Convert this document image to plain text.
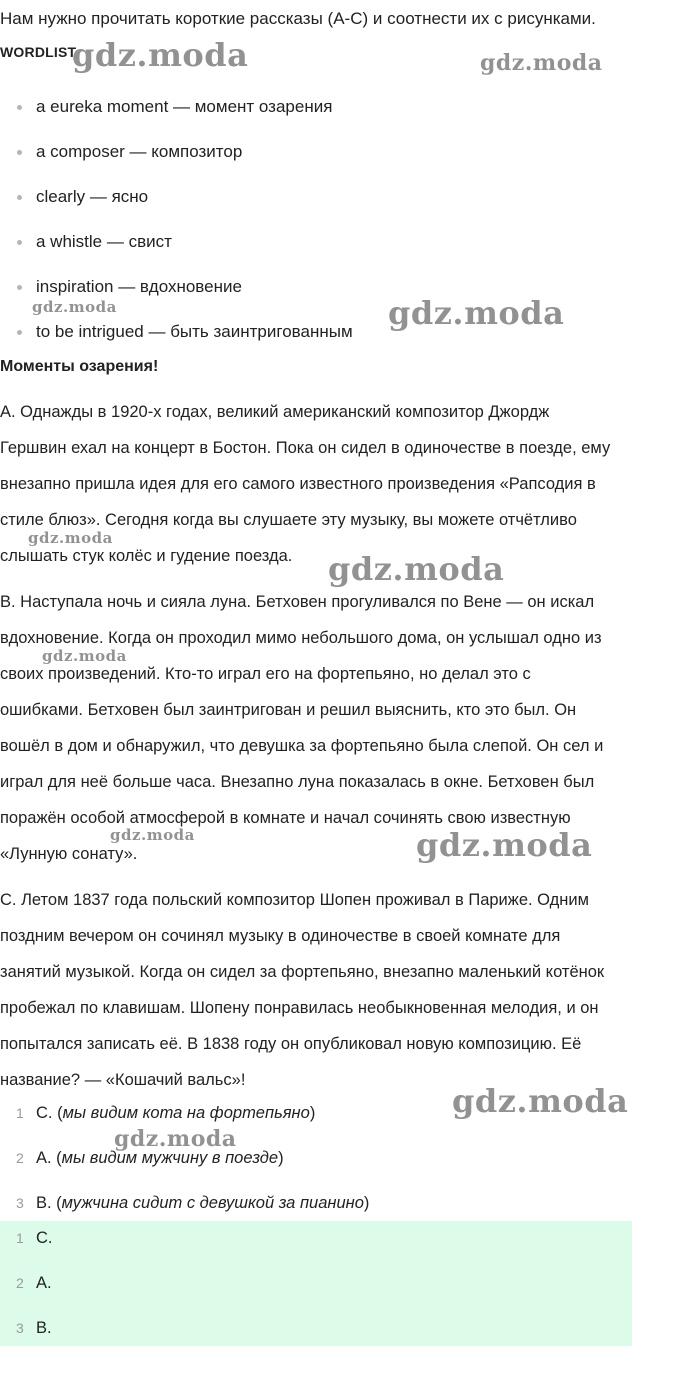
Нам нужно прочитать короткие рассказы (A-C) и соотнести их с рисунками.
WORDLIST
a eureka moment — момент озарения
a composer — композитор
clearly — ясно
a whistle — свист
inspiration — вдохновение
to be intrigued — быть заинтригованным
Моменты озарения!
A. Однажды в 1920-х годах, великий американский композитор Джордж
Гершвин ехал на концерт в Бостон. Пока он сидел в одиночестве в поезде, ему
внезапно пришла идея для его самого известного произведения «Рапсодия в
стиле блюз». Сегодня когда вы слушаете эту музыку, вы можете отчётливо
слышать стук колёс и гудение поезда.
B. Наступала ночь и сияла луна. Бетховен прогуливался по Вене — он искал
вдохновение. Когда он проходил мимо небольшого дома, он услышал одно из
своих произведений. Кто-то играл его на фортепьяно, но делал это с
ошибками. Бетховен был заинтригован и решил выяснить, кто это был. Он
вошёл в дом и обнаружил, что девушка за фортепьяно была слепой. Он сел и
играл для неё больше часа. Внезапно луна показалась в окне. Бетховен был
поражён особой атмосферой в комнате и начал сочинять свою известную
«Лунную сонату».
C. Летом 1837 года польский композитор Шопен проживал в Париже. Одним
поздним вечером он сочинял музыку в одиночестве в своей комнате для
занятий музыкой. Когда он сидел за фортепьяно, внезапно маленький котёнок
пробежал по клавишам. Шопену понравилась необыкновенная мелодия, и он
попытался записать её. В 1838 году он опубликовал новую композицию. Её
название? — «Кошачий вальс»!
1 C. (мы видим кота на фортепьяно)
2 A. (мы видим мужчину в поезде)
3 B. (мужчина сидит с девушкой за пианино)
1 C.
2 A.
3 B.
gdz.moda	gdz.moda
gdz.moda	gdz.moda
gdz.moda
gdz.moda
gdz.moda
gdz.moda	gdz.moda
gdz.moda
gdz.moda
